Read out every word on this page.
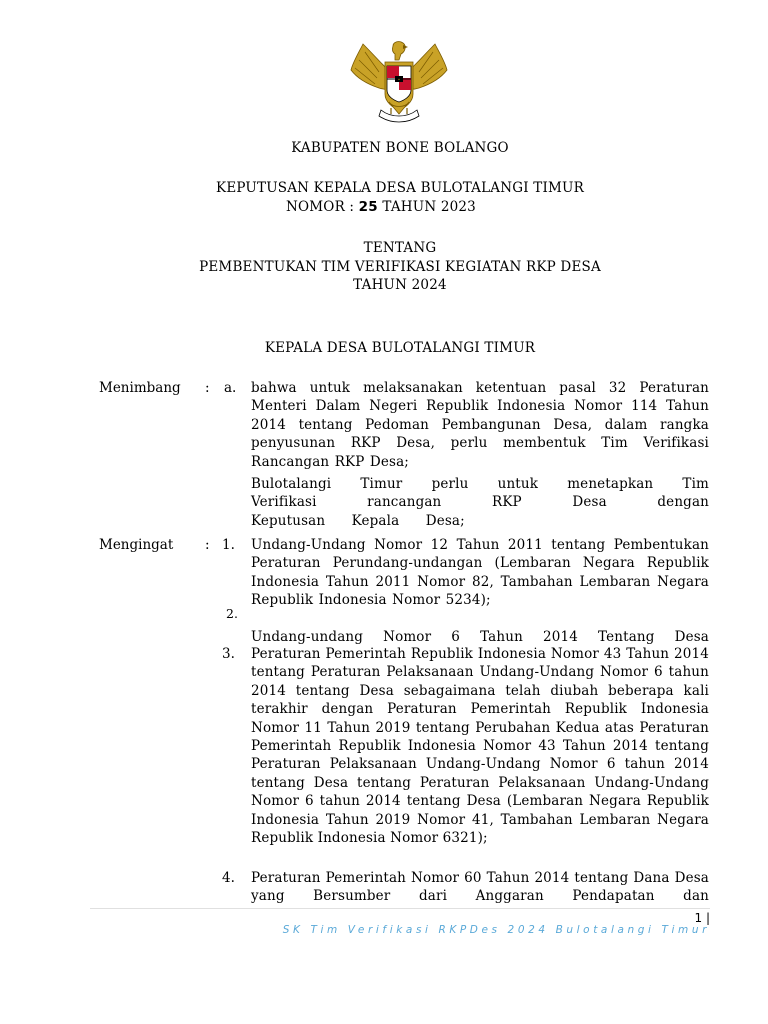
KABUPATEN BONE BOLANGO
KEPUTUSAN KEPALA DESA BULOTALANGI TIMUR
NOMOR : 25 TAHUN 2023
TENTANG
PEMBENTUKAN TIM VERIFIKASI KEGIATAN RKP DESA
TAHUN 2024
KEPALA DESA BULOTALANGI TIMUR
Menimbang : a. bahwa untuk melaksanakan ketentuan pasal 32 Peraturan Menteri Dalam Negeri Republik Indonesia Nomor 114 Tahun 2014 tentang Pedoman Pembangunan Desa, dalam rangka penyusunan RKP Desa, perlu membentuk Tim Verifikasi Rancangan RKP Desa;
Bulotalangi Timur perlu untuk menetapkan Tim Verifikasi rancangan RKP Desa dengan Keputusan Kepala Desa;
Mengingat : 1. Undang-Undang Nomor 12 Tahun 2011 tentang Pembentukan Peraturan Perundang-undangan (Lembaran Negara Republik Indonesia Tahun 2011 Nomor 82, Tambahan Lembaran Negara Republik Indonesia Nomor 5234);
2.
Undang-undang Nomor 6 Tahun 2014 Tentang Desa
3. Peraturan Pemerintah Republik Indonesia Nomor 43 Tahun 2014 tentang Peraturan Pelaksanaan Undang-Undang Nomor 6 tahun 2014 tentang Desa sebagaimana telah diubah beberapa kali terakhir dengan Peraturan Pemerintah Republik Indonesia Nomor 11 Tahun 2019 tentang Perubahan Kedua atas Peraturan Pemerintah Republik Indonesia Nomor 43 Tahun 2014 tentang Peraturan Pelaksanaan Undang-Undang Nomor 6 tahun 2014 tentang Desa tentang Peraturan Pelaksanaan Undang-Undang Nomor 6 tahun 2014 tentang Desa (Lembaran Negara Republik Indonesia Tahun 2019 Nomor 41, Tambahan Lembaran Negara Republik Indonesia Nomor 6321);
4. Peraturan Pemerintah Nomor 60 Tahun 2014 tentang Dana Desa yang Bersumber dari Anggaran Pendapatan dan
1 |
SK Tim Verifikasi RKPDes 2024 Bulotalangi Timur
